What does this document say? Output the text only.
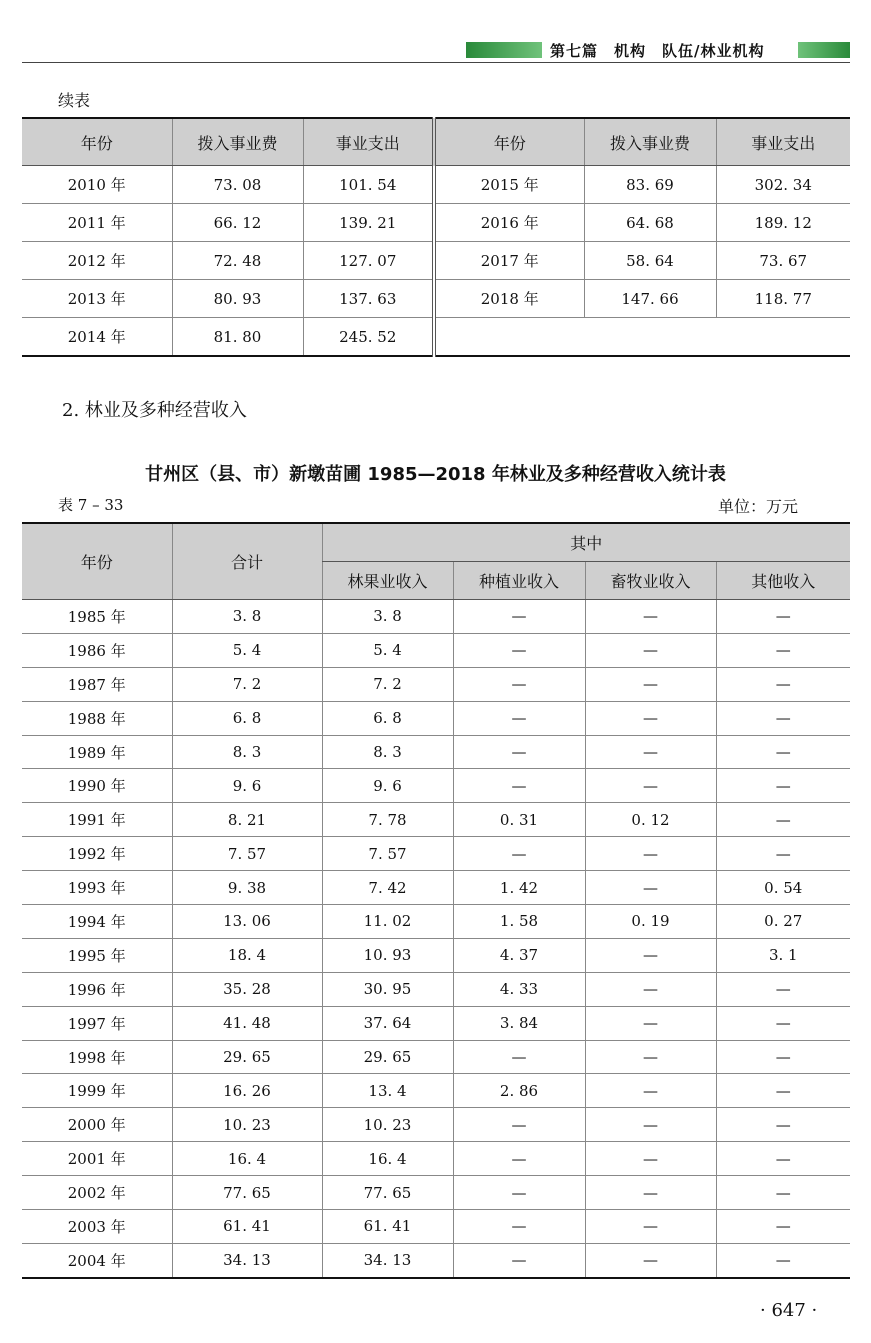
第七篇　机构　队伍/林业机构
续表
年份	拨入事业费	事业支出	年份	拨入事业费	事业支出
2010 年	73. 08	101. 54	2015 年	83. 69	302. 34
2011 年	66. 12	139. 21	2016 年	64. 68	189. 12
2012 年	72. 48	127. 07	2017 年	58. 64	73. 67
2013 年	80. 93	137. 63	2018 年	147. 66	118. 77
2014 年	81. 80	245. 52			
2. 林业及多种经营收入
甘州区（县、市）新墩苗圃 1985—2018 年林业及多种经营收入统计表
表 7 – 33	单位：万元
年份	合计	其中			
		林果业收入	种植业收入	畜牧业收入	其他收入
1985 年	3. 8	3. 8	—	—	—
1986 年	5. 4	5. 4	—	—	—
1987 年	7. 2	7. 2	—	—	—
1988 年	6. 8	6. 8	—	—	—
1989 年	8. 3	8. 3	—	—	—
1990 年	9. 6	9. 6	—	—	—
1991 年	8. 21	7. 78	0. 31	0. 12	—
1992 年	7. 57	7. 57	—	—	—
1993 年	9. 38	7. 42	1. 42	—	0. 54
1994 年	13. 06	11. 02	1. 58	0. 19	0. 27
1995 年	18. 4	10. 93	4. 37	—	3. 1
1996 年	35. 28	30. 95	4. 33	—	—
1997 年	41. 48	37. 64	3. 84	—	—
1998 年	29. 65	29. 65	—	—	—
1999 年	16. 26	13. 4	2. 86	—	—
2000 年	10. 23	10. 23	—	—	—
2001 年	16. 4	16. 4	—	—	—
2002 年	77. 65	77. 65	—	—	—
2003 年	61. 41	61. 41	—	—	—
2004 年	34. 13	34. 13	—	—	—
· 647 ·
